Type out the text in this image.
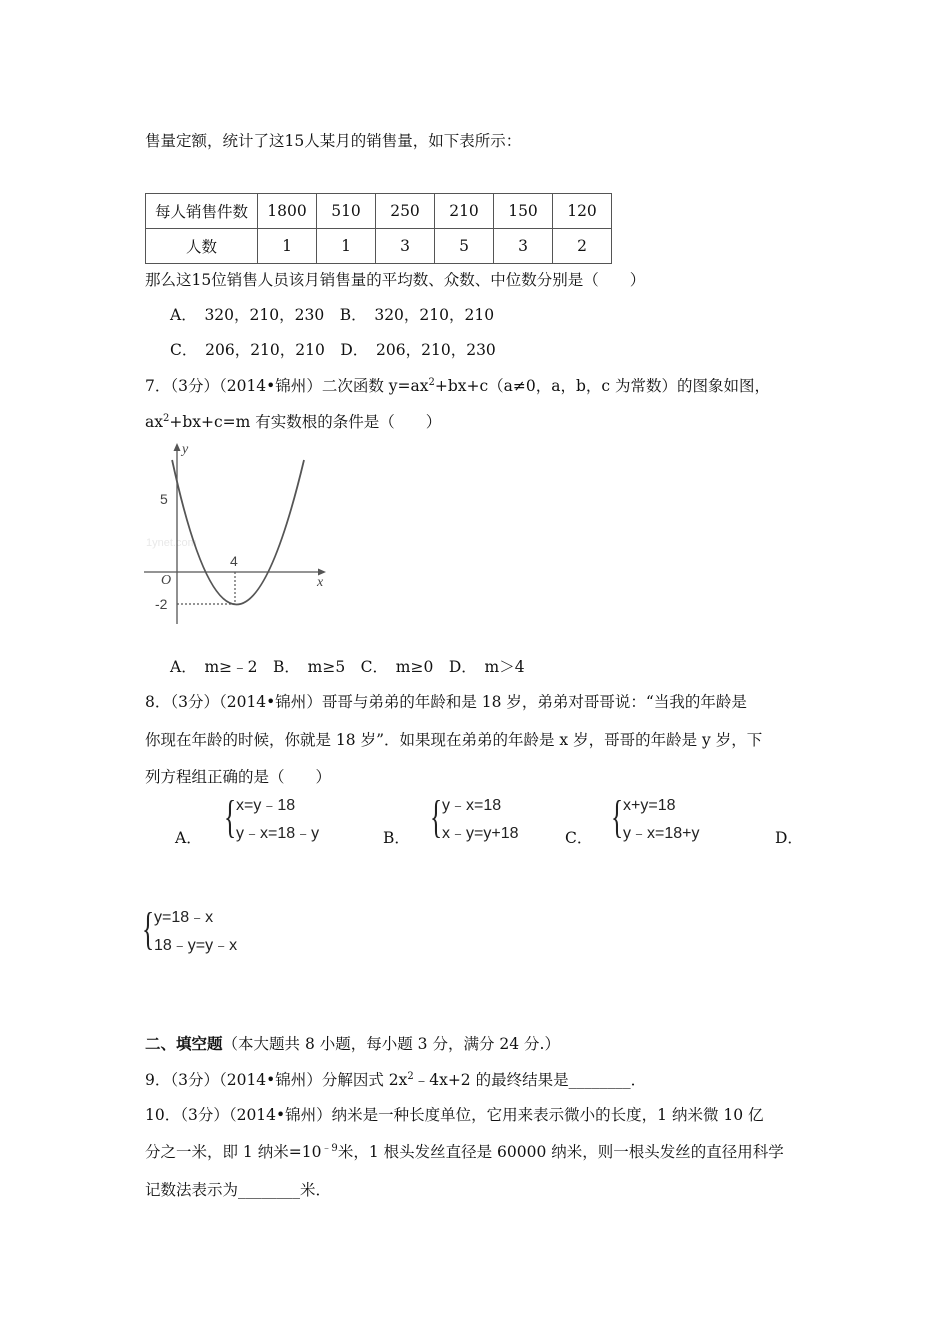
售量定额，统计了这15人某月的销售量，如下表所示：
每人销售件数	1800	510	250	210	150	120
人数	1	1	3	5	3	2
那么这15位销售人员该月销售量的平均数、众数、中位数分别是（　　）
A．　320，210，230　B．　320，210，210
C．　206，210，210　D．　206，210，230
7．（3分）（2014•锦州）二次函数 $y=ax^2+bx+c(a\ne 0$，a，b，c 为常数）的图象如图，
$ax^2+bx+c=m$ 有实数根的条件是（　　）
1ynet.com
y
x
O
5
4
-2
A．　m≥﹣2　B．　m≥5　C．　m≥0　D．　m＞4
8．（3分）（2014•锦州）哥哥与弟弟的年龄和是 18 岁，弟弟对哥哥说：“当我的年龄是
你现在年龄的时候，你就是 18 岁”．如果现在弟弟的年龄是 x 岁，哥哥的年龄是 y 岁，下
列方程组正确的是（　　）
A． { x=y﹣18
y﹣x=18﹣y	B． { y﹣x=18
x﹣y=y+18	C． { x+y=18
y﹣x=18+y	D．
{ y=18﹣x
18﹣y=y﹣x
二、填空题（本大题共 8 小题，每小题 3 分，满分 24 分.）
9．（3分）（2014•锦州）分解因式 $2x^2﹣4x+2$ 的最终结果是________．
10．（3分）（2014•锦州）纳米是一种长度单位，它用来表示微小的长度，1 纳米微 10 亿
分之一米，即 1 纳米$=10^{﹣9}$米，1 根头发丝直径是 60000 纳米，则一根头发丝的直径用科学
记数法表示为________米．
